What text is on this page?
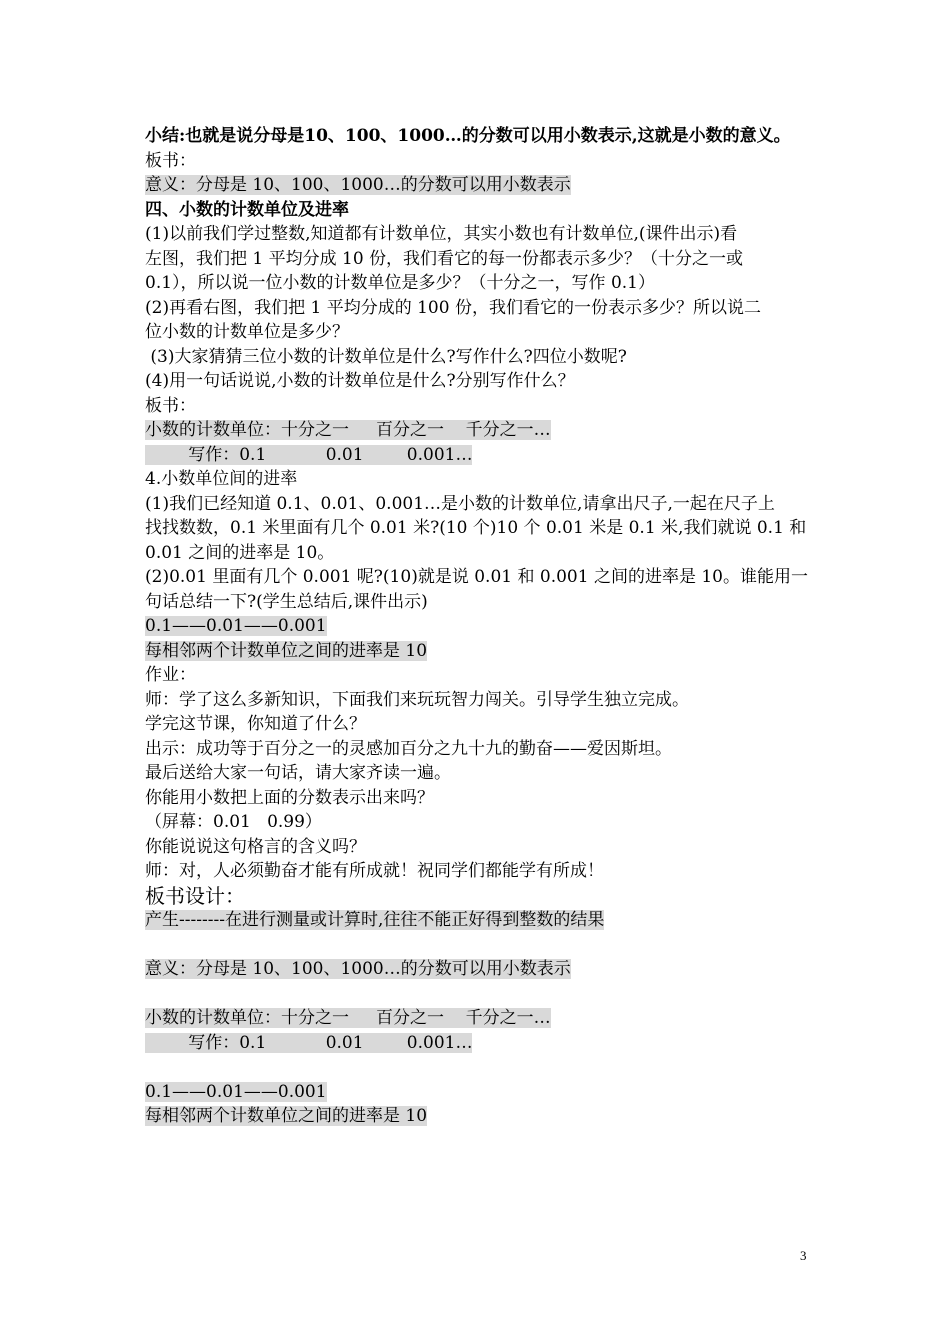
小结:也就是说分母是10、100、1000…的分数可以用小数表示,这就是小数的意义。
板书：
意义：分母是 10、100、1000…的分数可以用小数表示
四、小数的计数单位及进率
(1)以前我们学过整数,知道都有计数单位，其实小数也有计数单位,(课件出示)看
左图，我们把 1 平均分成 10 份，我们看它的每一份都表示多少？（十分之一或
0.1），所以说一位小数的计数单位是多少？（十分之一，写作 0.1）
(2)再看右图，我们把 1 平均分成的 100 份，我们看它的一份表示多少？所以说二
位小数的计数单位是多少？
(3)大家猜猜三位小数的计数单位是什么?写作什么?四位小数呢?
(4)用一句话说说,小数的计数单位是什么?分别写作什么？
板书：
小数的计数单位：十分之一     百分之一    千分之一…
写作：0.1           0.01        0.001…
4.小数单位间的进率
(1)我们已经知道 0.1、0.01、0.001…是小数的计数单位,请拿出尺子,一起在尺子上
找找数数，0.1 米里面有几个 0.01 米?(10 个)10 个 0.01 米是 0.1 米,我们就说 0.1 和
0.01 之间的进率是 10。
(2)0.01 里面有几个 0.001 呢?(10)就是说 0.01 和 0.001 之间的进率是 10。谁能用一
句话总结一下?(学生总结后,课件出示)
0.1——0.01——0.001
每相邻两个计数单位之间的进率是 10
作业：
师：学了这么多新知识，下面我们来玩玩智力闯关。引导学生独立完成。
学完这节课，你知道了什么？
出示：成功等于百分之一的灵感加百分之九十九的勤奋——爱因斯坦。
最后送给大家一句话，请大家齐读一遍。
你能用小数把上面的分数表示出来吗？
（屏幕：0.01   0.99）
你能说说这句格言的含义吗？
师：对，人必须勤奋才能有所成就！祝同学们都能学有所成！
板书设计：
产生--------在进行测量或计算时,往往不能正好得到整数的结果
意义：分母是 10、100、1000…的分数可以用小数表示
小数的计数单位：十分之一     百分之一    千分之一…
写作：0.1           0.01        0.001…
0.1——0.01——0.001
每相邻两个计数单位之间的进率是 10
3
